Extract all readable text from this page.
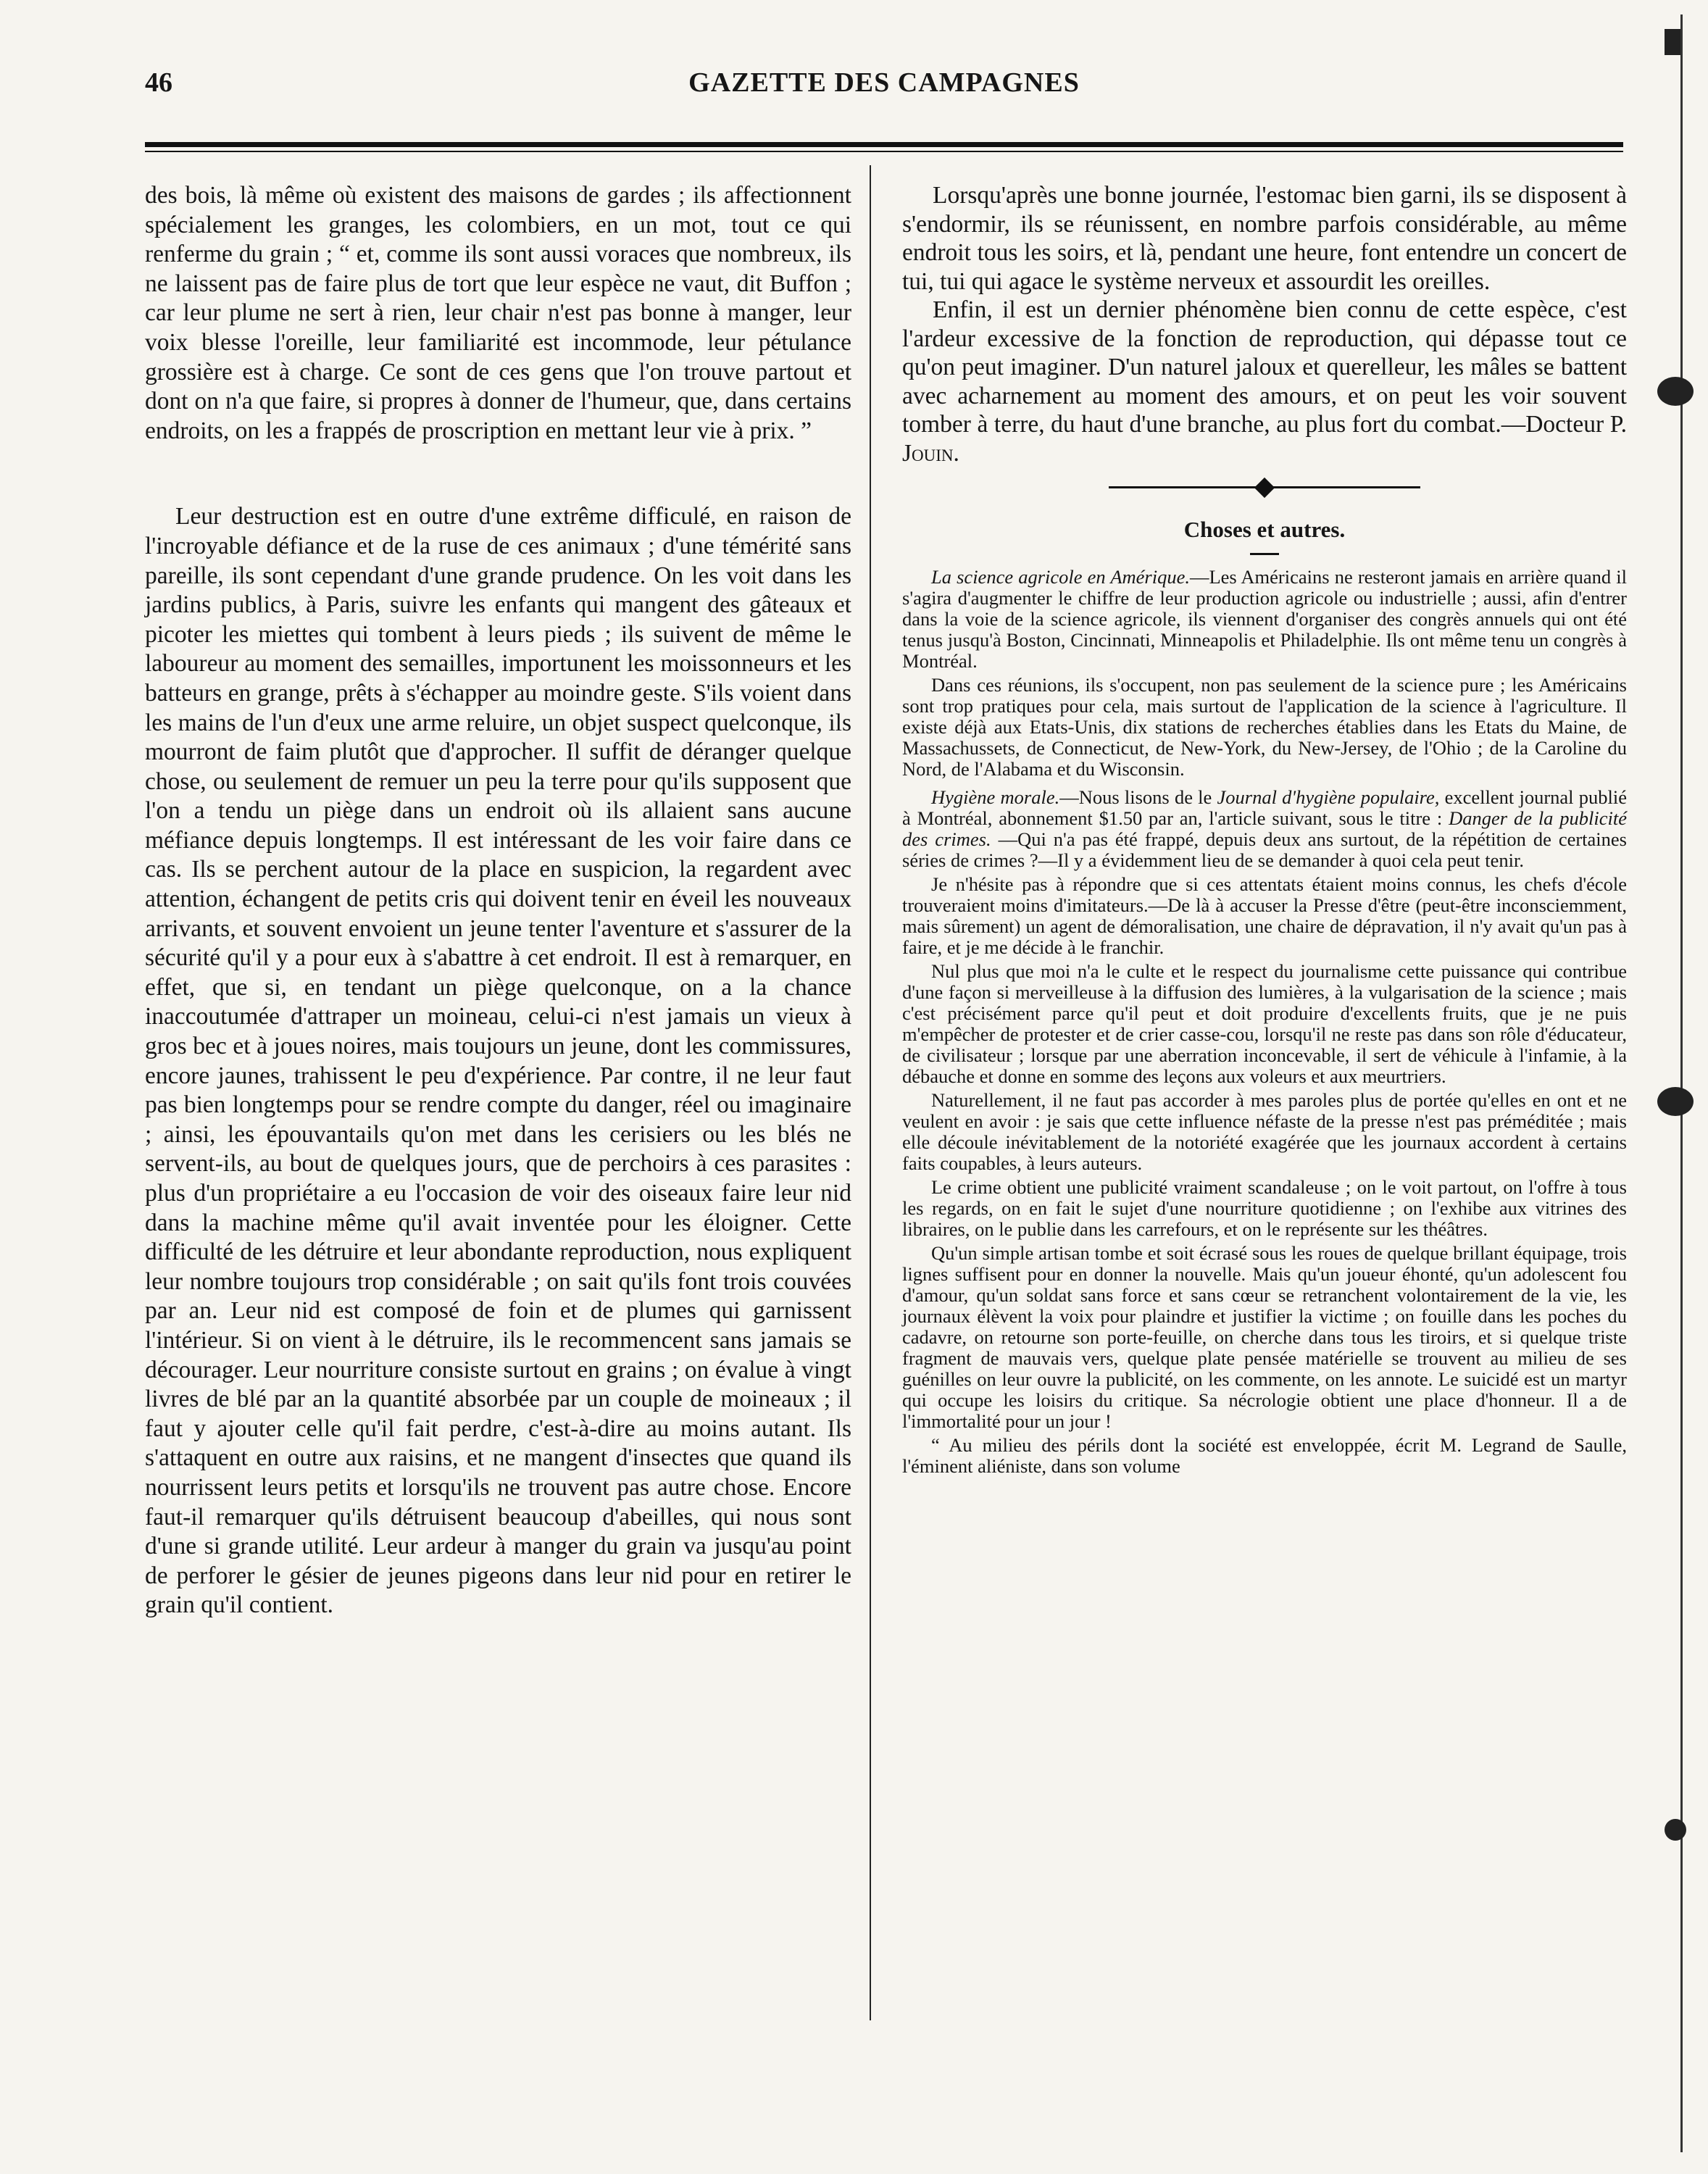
46	GAZETTE DES CAMPAGNES

des bois, là même où existent des maisons de gardes ; ils affectionnent spécialement les granges, les colombiers, en un mot, tout ce qui renferme du grain ; “ et, comme ils sont aussi voraces que nombreux, ils ne laissent pas de faire plus de tort que leur espèce ne vaut, dit Buffon ; car leur plume ne sert à rien, leur chair n'est pas bonne à manger, leur voix blesse l'oreille, leur familiarité est incommode, leur pétulance grossière est à charge. Ce sont de ces gens que l'on trouve partout et dont on n'a que faire, si propres à donner de l'humeur, que, dans certains endroits, on les a frappés de proscription en mettant leur vie à prix. ”

Leur destruction est en outre d'une extrême difficulé, en raison de l'incroyable défiance et de la ruse de ces animaux ; d'une témérité sans pareille, ils sont cependant d'une grande prudence. On les voit dans les jardins publics, à Paris, suivre les enfants qui mangent des gâteaux et picoter les miettes qui tombent à leurs pieds ; ils suivent de même le laboureur au moment des semailles, importunent les moissonneurs et les batteurs en grange, prêts à s'échapper au moindre geste. S'ils voient dans les mains de l'un d'eux une arme reluire, un objet suspect quelconque, ils mourront de faim plutôt que d'approcher. Il suffit de déranger quelque chose, ou seulement de remuer un peu la terre pour qu'ils supposent que l'on a tendu un piège dans un endroit où ils allaient sans aucune méfiance depuis longtemps. Il est intéressant de les voir faire dans ce cas. Ils se perchent autour de la place en suspicion, la regardent avec attention, échangent de petits cris qui doivent tenir en éveil les nouveaux arrivants, et souvent envoient un jeune tenter l'aventure et s'assurer de la sécurité qu'il y a pour eux à s'abattre à cet endroit. Il est à remarquer, en effet, que si, en tendant un piège quelconque, on a la chance inaccoutumée d'attraper un moineau, celui-ci n'est jamais un vieux à gros bec et à joues noires, mais toujours un jeune, dont les commissures, encore jaunes, trahissent le peu d'expérience. Par contre, il ne leur faut pas bien longtemps pour se rendre compte du danger, réel ou imaginaire ; ainsi, les épouvantails qu'on met dans les cerisiers ou les blés ne servent-ils, au bout de quelques jours, que de perchoirs à ces parasites : plus d'un propriétaire a eu l'occasion de voir des oiseaux faire leur nid dans la machine même qu'il avait inventée pour les éloigner. Cette difficulté de les détruire et leur abondante reproduction, nous expliquent leur nombre toujours trop considérable ; on sait qu'ils font trois couvées par an. Leur nid est composé de foin et de plumes qui garnissent l'intérieur. Si on vient à le détruire, ils le recommencent sans jamais se décourager. Leur nourriture consiste surtout en grains ; on évalue à vingt livres de blé par an la quantité absorbée par un couple de moineaux ; il faut y ajouter celle qu'il fait perdre, c'est-à-dire au moins autant. Ils s'attaquent en outre aux raisins, et ne mangent d'insectes que quand ils nourrissent leurs petits et lorsqu'ils ne trouvent pas autre chose. Encore faut-il remarquer qu'ils détruisent beaucoup d'abeilles, qui nous sont d'une si grande utilité. Leur ardeur à manger du grain va jusqu'au point de perforer le gésier de jeunes pigeons dans leur nid pour en retirer le grain qu'il contient.

Lorsqu'après une bonne journée, l'estomac bien garni, ils se disposent à s'endormir, ils se réunissent, en nombre parfois considérable, au même endroit tous les soirs, et là, pendant une heure, font entendre un concert de tui, tui qui agace le système nerveux et assourdit les oreilles.

Enfin, il est un dernier phénomène bien connu de cette espèce, c'est l'ardeur excessive de la fonction de reproduction, qui dépasse tout ce qu'on peut imaginer. D'un naturel jaloux et querelleur, les mâles se battent avec acharnement au moment des amours, et on peut les voir souvent tomber à terre, du haut d'une branche, au plus fort du combat.—Docteur P. Jouin.

Choses et autres.

La science agricole en Amérique.—Les Américains ne resteront jamais en arrière quand il s'agira d'augmenter le chiffre de leur production agricole ou industrielle ; aussi, afin d'entrer dans la voie de la science agricole, ils viennent d'organiser des congrès annuels qui ont été tenus jusqu'à Boston, Cincinnati, Minneapolis et Philadelphie. Ils ont même tenu un congrès à Montréal.

Dans ces réunions, ils s'occupent, non pas seulement de la science pure ; les Américains sont trop pratiques pour cela, mais surtout de l'application de la science à l'agriculture. Il existe déjà aux Etats-Unis, dix stations de recherches établies dans les Etats du Maine, de Massachussets, de Connecticut, de New-York, du New-Jersey, de l'Ohio ; de la Caroline du Nord, de l'Alabama et du Wisconsin.

Hygiène morale.—Nous lisons de le Journal d'hygiène populaire, excellent journal publié à Montréal, abonnement $1.50 par an, l'article suivant, sous le titre : Danger de la publicité des crimes. —Qui n'a pas été frappé, depuis deux ans surtout, de la répétition de certaines séries de crimes ?—Il y a évidemment lieu de se demander à quoi cela peut tenir.

Je n'hésite pas à répondre que si ces attentats étaient moins connus, les chefs d'école trouveraient moins d'imitateurs.—De là à accuser la Presse d'être (peut-être inconsciemment, mais sûrement) un agent de démoralisation, une chaire de dépravation, il n'y avait qu'un pas à faire, et je me décide à le franchir.

Nul plus que moi n'a le culte et le respect du journalisme cette puissance qui contribue d'une façon si merveilleuse à la diffusion des lumières, à la vulgarisation de la science ; mais c'est précisément parce qu'il peut et doit produire d'excellents fruits, que je ne puis m'empêcher de protester et de crier casse-cou, lorsqu'il ne reste pas dans son rôle d'éducateur, de civilisateur ; lorsque par une aberration inconcevable, il sert de véhicule à l'infamie, à la débauche et donne en somme des leçons aux voleurs et aux meurtriers.

Naturellement, il ne faut pas accorder à mes paroles plus de portée qu'elles en ont et ne veulent en avoir : je sais que cette influence néfaste de la presse n'est pas préméditée ; mais elle découle inévitablement de la notoriété exagérée que les journaux accordent à certains faits coupables, à leurs auteurs.

Le crime obtient une publicité vraiment scandaleuse ; on le voit partout, on l'offre à tous les regards, on en fait le sujet d'une nourriture quotidienne ; on l'exhibe aux vitrines des libraires, on le publie dans les carrefours, et on le représente sur les théâtres.

Qu'un simple artisan tombe et soit écrasé sous les roues de quelque brillant équipage, trois lignes suffisent pour en donner la nouvelle. Mais qu'un joueur éhonté, qu'un adolescent fou d'amour, qu'un soldat sans force et sans cœur se retranchent volontairement de la vie, les journaux élèvent la voix pour plaindre et justifier la victime ; on fouille dans les poches du cadavre, on retourne son porte-feuille, on cherche dans tous les tiroirs, et si quelque triste fragment de mauvais vers, quelque plate pensée matérielle se trouvent au milieu de ses guénilles on leur ouvre la publicité, on les commente, on les annote. Le suicidé est un martyr qui occupe les loisirs du critique. Sa nécrologie obtient une place d'honneur. Il a de l'immortalité pour un jour !

“ Au milieu des périls dont la société est enveloppée, écrit M. Legrand de Saulle, l'éminent aliéniste, dans son volume
